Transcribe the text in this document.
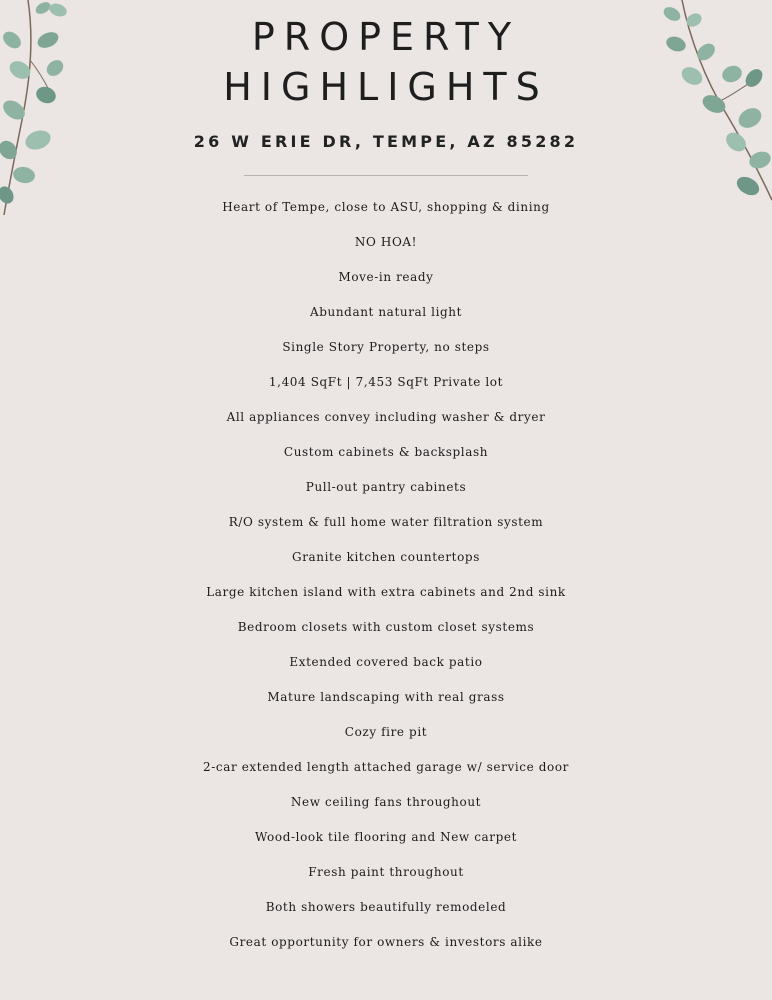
PROPERTY
HIGHLIGHTS
26 W ERIE DR, TEMPE, AZ 85282
Heart of Tempe, close to ASU, shopping & dining
NO HOA!
Move-in ready
Abundant natural light
Single Story Property, no steps
1,404 SqFt | 7,453 SqFt Private lot
All appliances convey including washer & dryer
Custom cabinets & backsplash
Pull-out pantry cabinets
R/O system & full home water filtration system
Granite kitchen countertops
Large kitchen island with extra cabinets and 2nd sink
Bedroom closets with custom closet systems
Extended covered back patio
Mature landscaping with real grass
Cozy fire pit
2-car extended length attached garage w/ service door
New ceiling fans throughout
Wood-look tile flooring and New carpet
Fresh paint throughout
Both showers beautifully remodeled
Great opportunity for owners & investors alike
